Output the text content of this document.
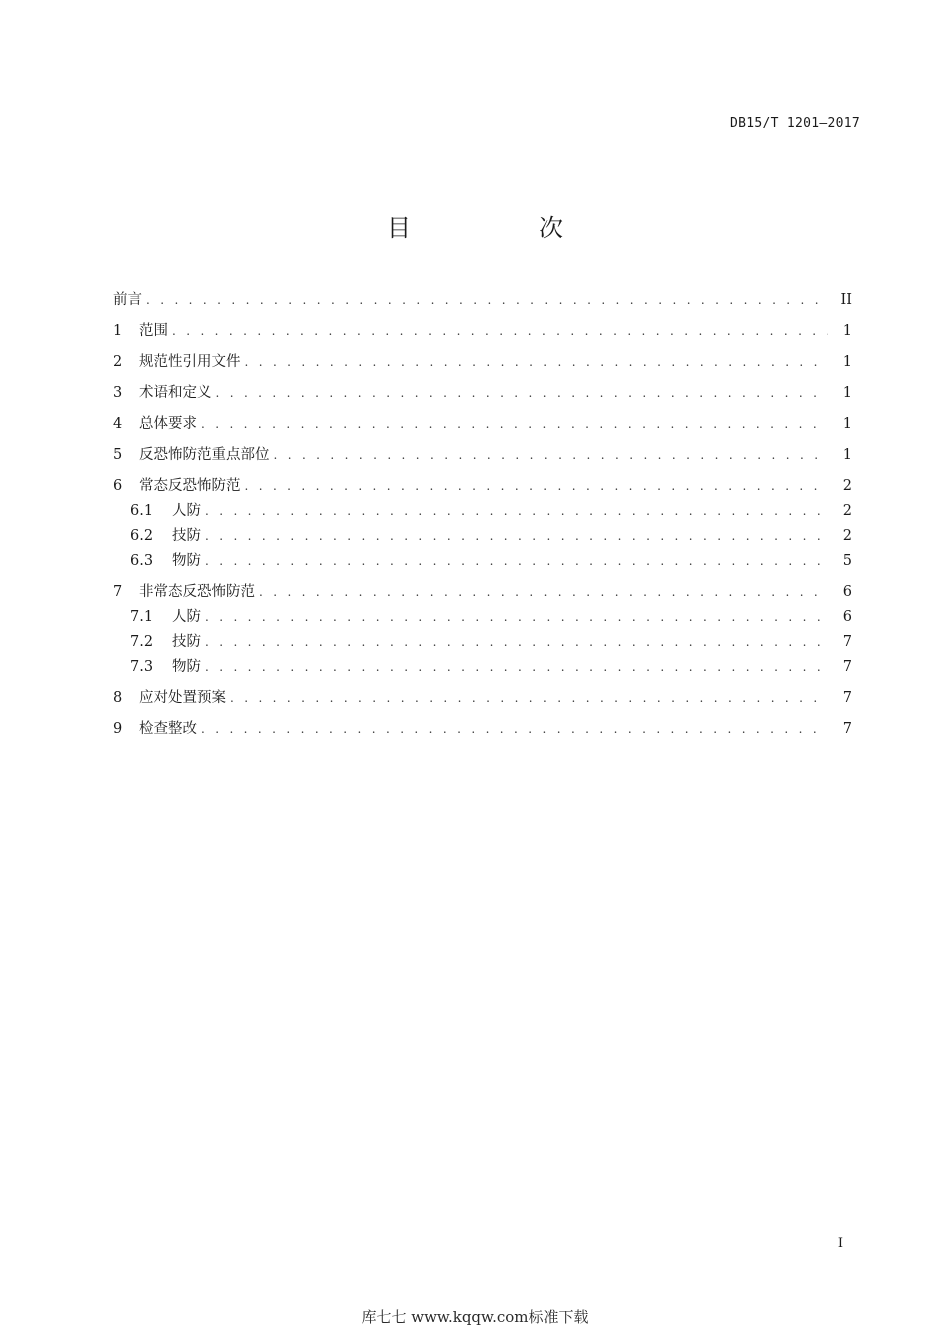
DB15/T 1201—2017
目　次
前言 . . .	II
1	范围 . . .	1
2	规范性引用文件 . . .	1
3	术语和定义 . . .	1
4	总体要求 . . .	1
5	反恐怖防范重点部位 . . .	1
6	常态反恐怖防范 . . .	2
6.1	人防 . . .	2
6.2	技防 . . .	2
6.3	物防 . . .	5
7	非常态反恐怖防范 . . .	6
7.1	人防 . . .	6
7.2	技防 . . .	7
7.3	物防 . . .	7
8	应对处置预案 . . .	7
9	检查整改 . . .	7
I
库七七 www.kqqw.com标准下载
